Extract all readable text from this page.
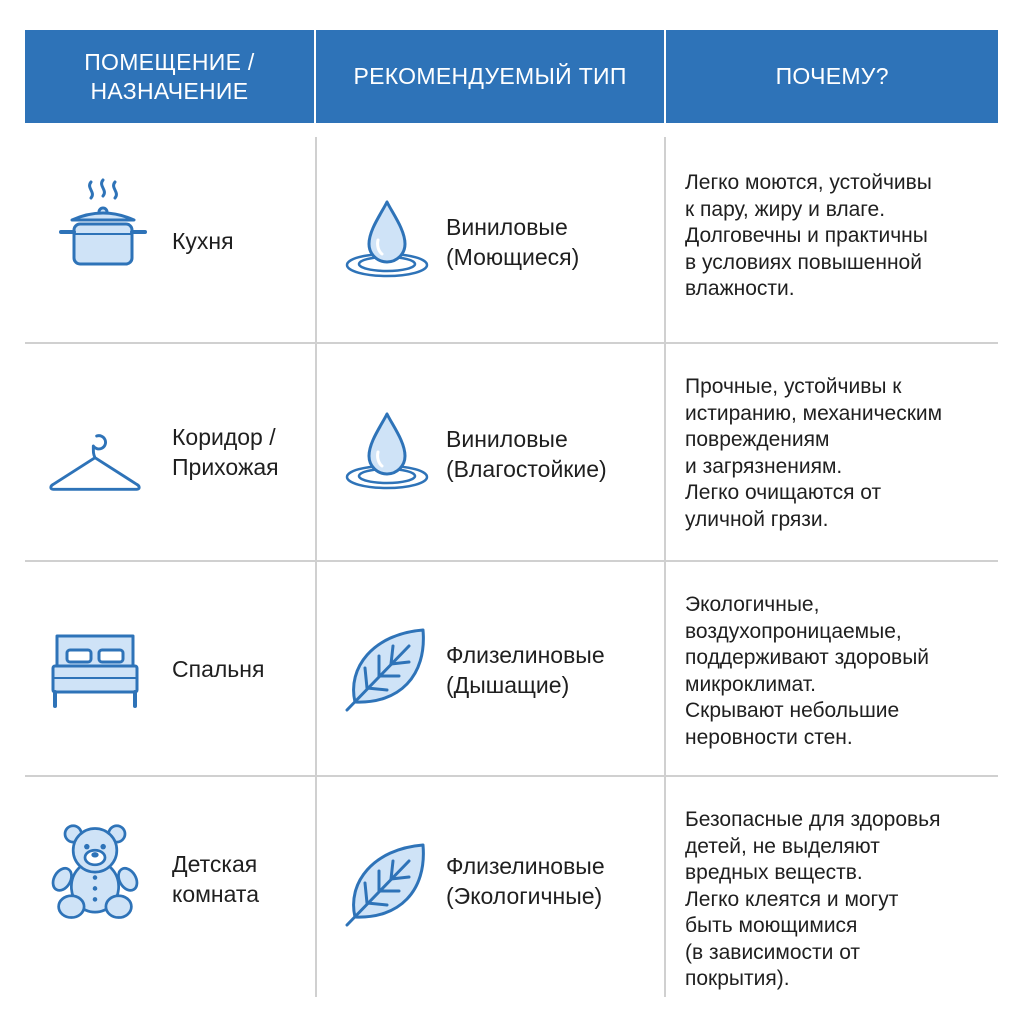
ПОМЕЩЕНИЕ /
НАЗНАЧЕНИЕ
РЕКОМЕНДУЕМЫЙ ТИП	ПОЧЕМУ?
Кухня
Виниловые
(Моющиеся)
Легко моются, устойчивы
к пару, жиру и влаге.
Долговечны и практичны
в условиях повышенной
влажности.
Коридор /
Прихожая
Виниловые
(Влагостойкие)
Прочные, устойчивы к
истиранию, механическим
повреждениям
и загрязнениям.
Легко очищаются от
уличной грязи.
Спальня
Флизелиновые
(Дышащие)
Экологичные,
воздухопроницаемые,
поддерживают здоровый
микроклимат.
Скрывают небольшие
неровности стен.
Детская
комната
Флизелиновые
(Экологичные)
Безопасные для здоровья
детей, не выделяют
вредных веществ.
Легко клеятся и могут
быть моющимися
(в зависимости от
покрытия).
